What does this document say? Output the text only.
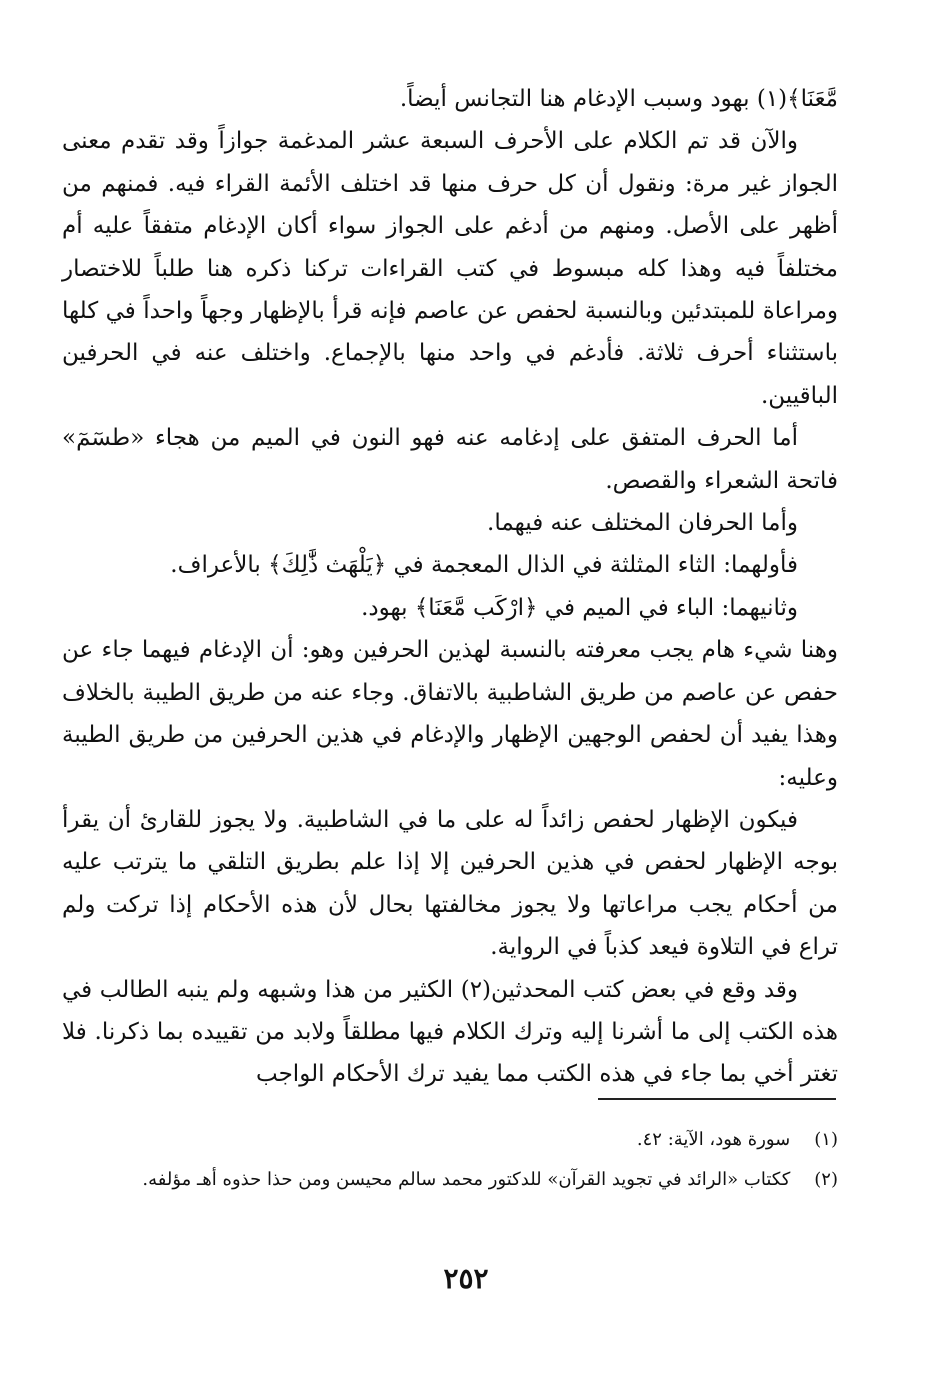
مَّعَنَا﴾(١) بهود وسبب الإدغام هنا التجانس أيضاً.

والآن قد تم الكلام على الأحرف السبعة عشر المدغمة جوازاً وقد تقدم معنى الجواز غير مرة: ونقول أن كل حرف منها قد اختلف الأئمة القراء فيه. فمنهم من أظهر على الأصل. ومنهم من أدغم على الجواز سواء أكان الإدغام متفقاً عليه أم مختلفاً فيه وهذا كله مبسوط في كتب القراءات تركنا ذكره هنا طلباً للاختصار ومراعاة للمبتدئين وبالنسبة لحفص عن عاصم فإنه قرأ بالإظهار وجهاً واحداً في كلها باستثناء أحرف ثلاثة. فأدغم في واحد منها بالإجماع. واختلف عنه في الحرفين الباقيين.

أما الحرف المتفق على إدغامه عنه فهو النون في الميم من هجاء «طسٓمٓ» فاتحة الشعراء والقصص.

وأما الحرفان المختلف عنه فيهما.

فأولهما: الثاء المثلثة في الذال المعجمة في ﴿يَلْهَث ذَّٰلِكَ﴾ بالأعراف.

وثانيهما: الباء في الميم في ﴿ارْكَب مَّعَنَا﴾ بهود.

وهنا شيء هام يجب معرفته بالنسبة لهذين الحرفين وهو: أن الإدغام فيهما جاء عن حفص عن عاصم من طريق الشاطبية بالاتفاق. وجاء عنه من طريق الطيبة بالخلاف وهذا يفيد أن لحفص الوجهين الإظهار والإدغام في هذين الحرفين من طريق الطيبة وعليه:

فيكون الإظهار لحفص زائداً له على ما في الشاطبية. ولا يجوز للقارئ أن يقرأ بوجه الإظهار لحفص في هذين الحرفين إلا إذا علم بطريق التلقي ما يترتب عليه من أحكام يجب مراعاتها ولا يجوز مخالفتها بحال لأن هذه الأحكام إذا تركت ولم تراع في التلاوة فيعد كذباً في الرواية.

وقد وقع في بعض كتب المحدثين(٢) الكثير من هذا وشبهه ولم ينبه الطالب في هذه الكتب إلى ما أشرنا إليه وترك الكلام فيها مطلقاً ولابد من تقييده بما ذكرنا. فلا تغتر أخي بما جاء في هذه الكتب مما يفيد ترك الأحكام الواجب

(١) سورة هود، الآية: ٤٢.

(٢) ككتاب «الرائد في تجويد القرآن» للدكتور محمد سالم محيسن ومن حذا حذوه أهـ مؤلفه.

٢٥٢
